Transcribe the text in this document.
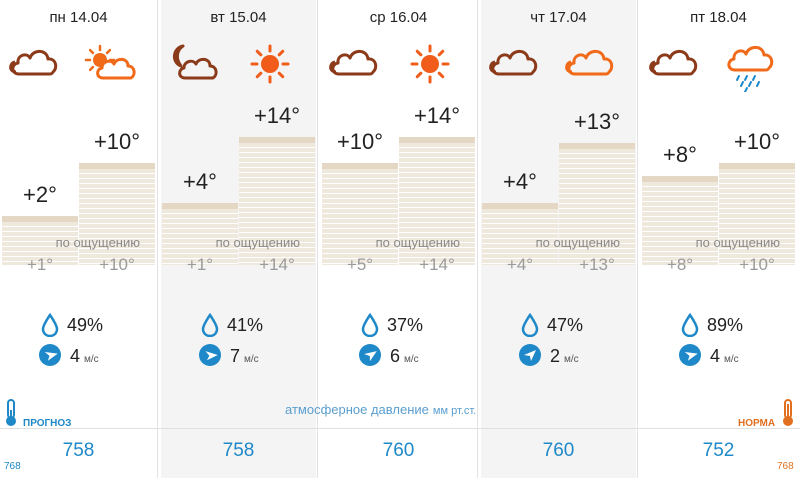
пн 14.04
+2°
+10°
по ощущению
+1°	+10°
49%
4 м/с
758
вт 15.04
+4°
+14°
по ощущению
+1°	+14°
41%
7 м/с
758
ср 16.04
+10°
+14°
по ощущению
+5°	+14°
37%
6 м/с
760
чт 17.04
+4°
+13°
по ощущению
+4°	+13°
47%
2 м/с
760
пт 18.04
+8°
+10°
по ощущению
+8°	+10°
89%
4 м/с
752
ПРОГНОЗ
атмосферное давление мм рт.ст.
НОРМА
768	768
